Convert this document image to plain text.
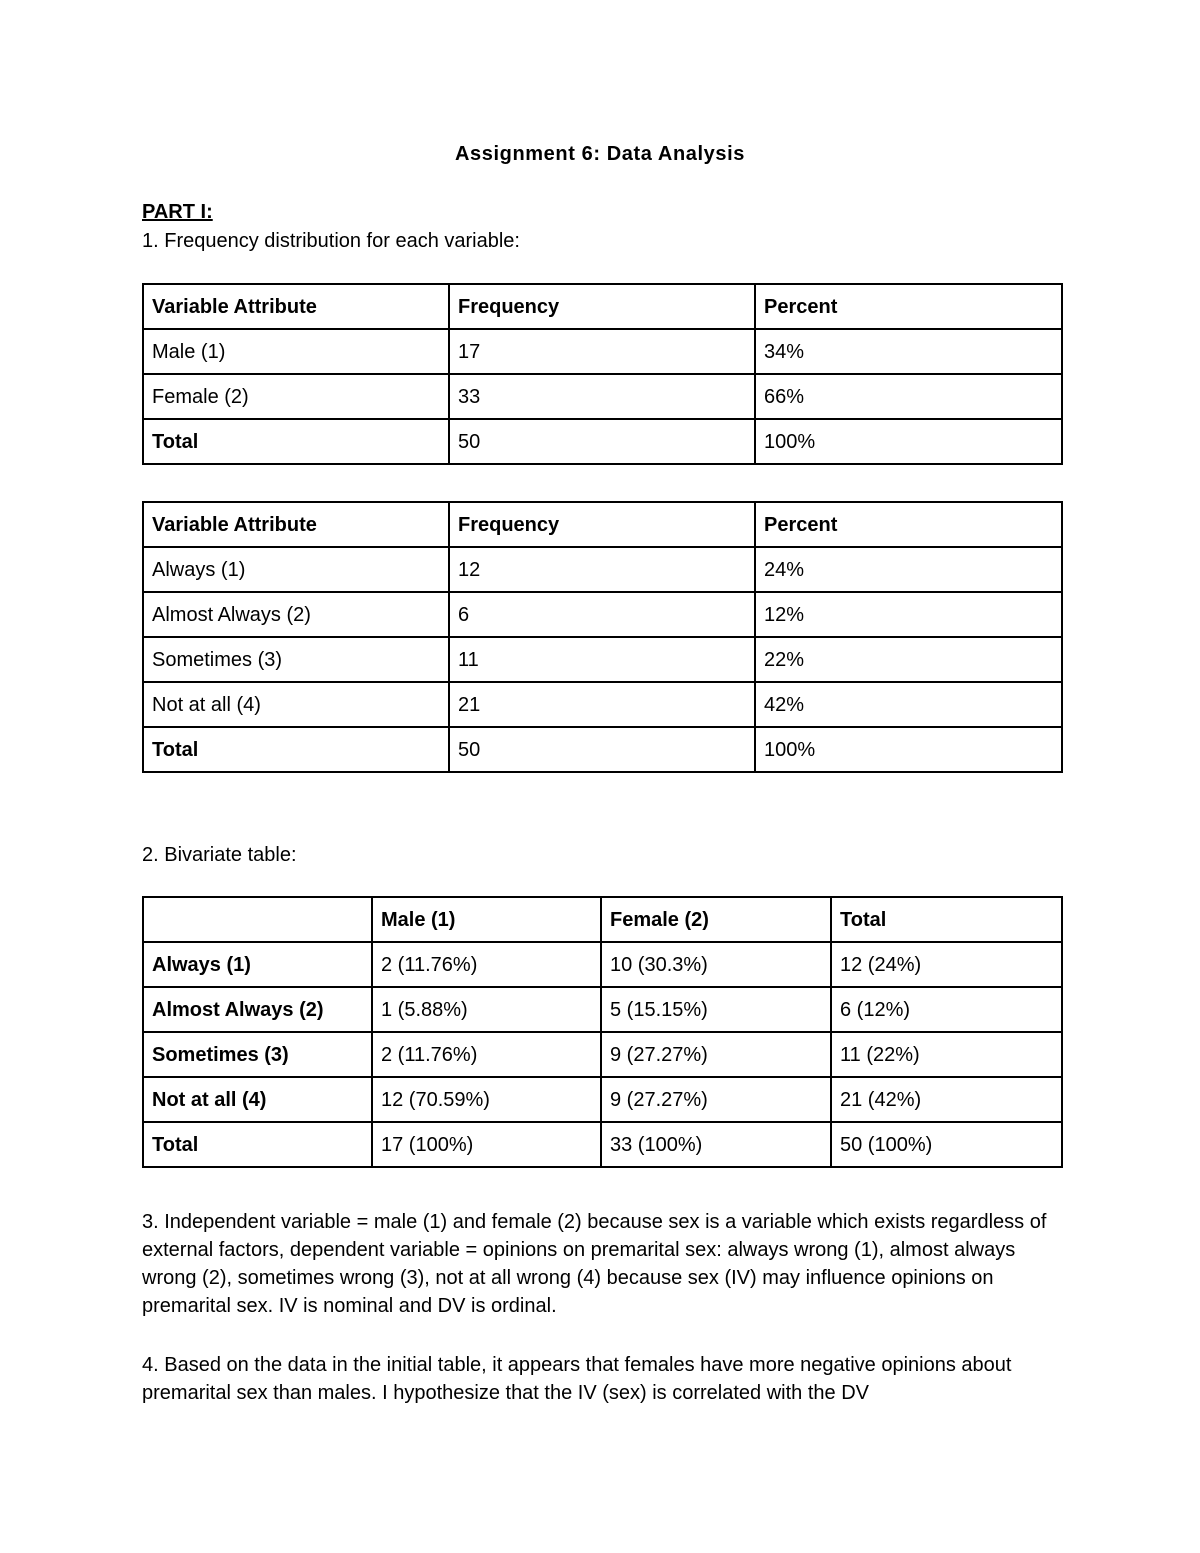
Assignment 6: Data Analysis
PART I:
1. Frequency distribution for each variable:
Variable Attribute	Frequency	Percent
Male (1)	17	34%
Female (2)	33	66%
Total	50	100%
Variable Attribute	Frequency	Percent
Always (1)	12	24%
Almost Always (2)	6	12%
Sometimes (3)	11	22%
Not at all (4)	21	42%
Total	50	100%
2. Bivariate table:
	Male (1)	Female (2)	Total
Always (1)	2 (11.76%)	10 (30.3%)	12 (24%)
Almost Always (2)	1 (5.88%)	5 (15.15%)	6 (12%)
Sometimes (3)	2 (11.76%)	9 (27.27%)	11 (22%)
Not at all (4)	12 (70.59%)	9 (27.27%)	21 (42%)
Total	17 (100%)	33 (100%)	50 (100%)
3. Independent variable = male (1) and female (2) because sex is a variable which exists regardless of external factors, dependent variable = opinions on premarital sex: always wrong (1), almost always wrong (2), sometimes wrong (3), not at all wrong (4) because sex (IV) may influence opinions on premarital sex. IV is nominal and DV is ordinal.
4. Based on the data in the initial table, it appears that females have more negative opinions about premarital sex than males. I hypothesize that the IV (sex) is correlated with the DV
